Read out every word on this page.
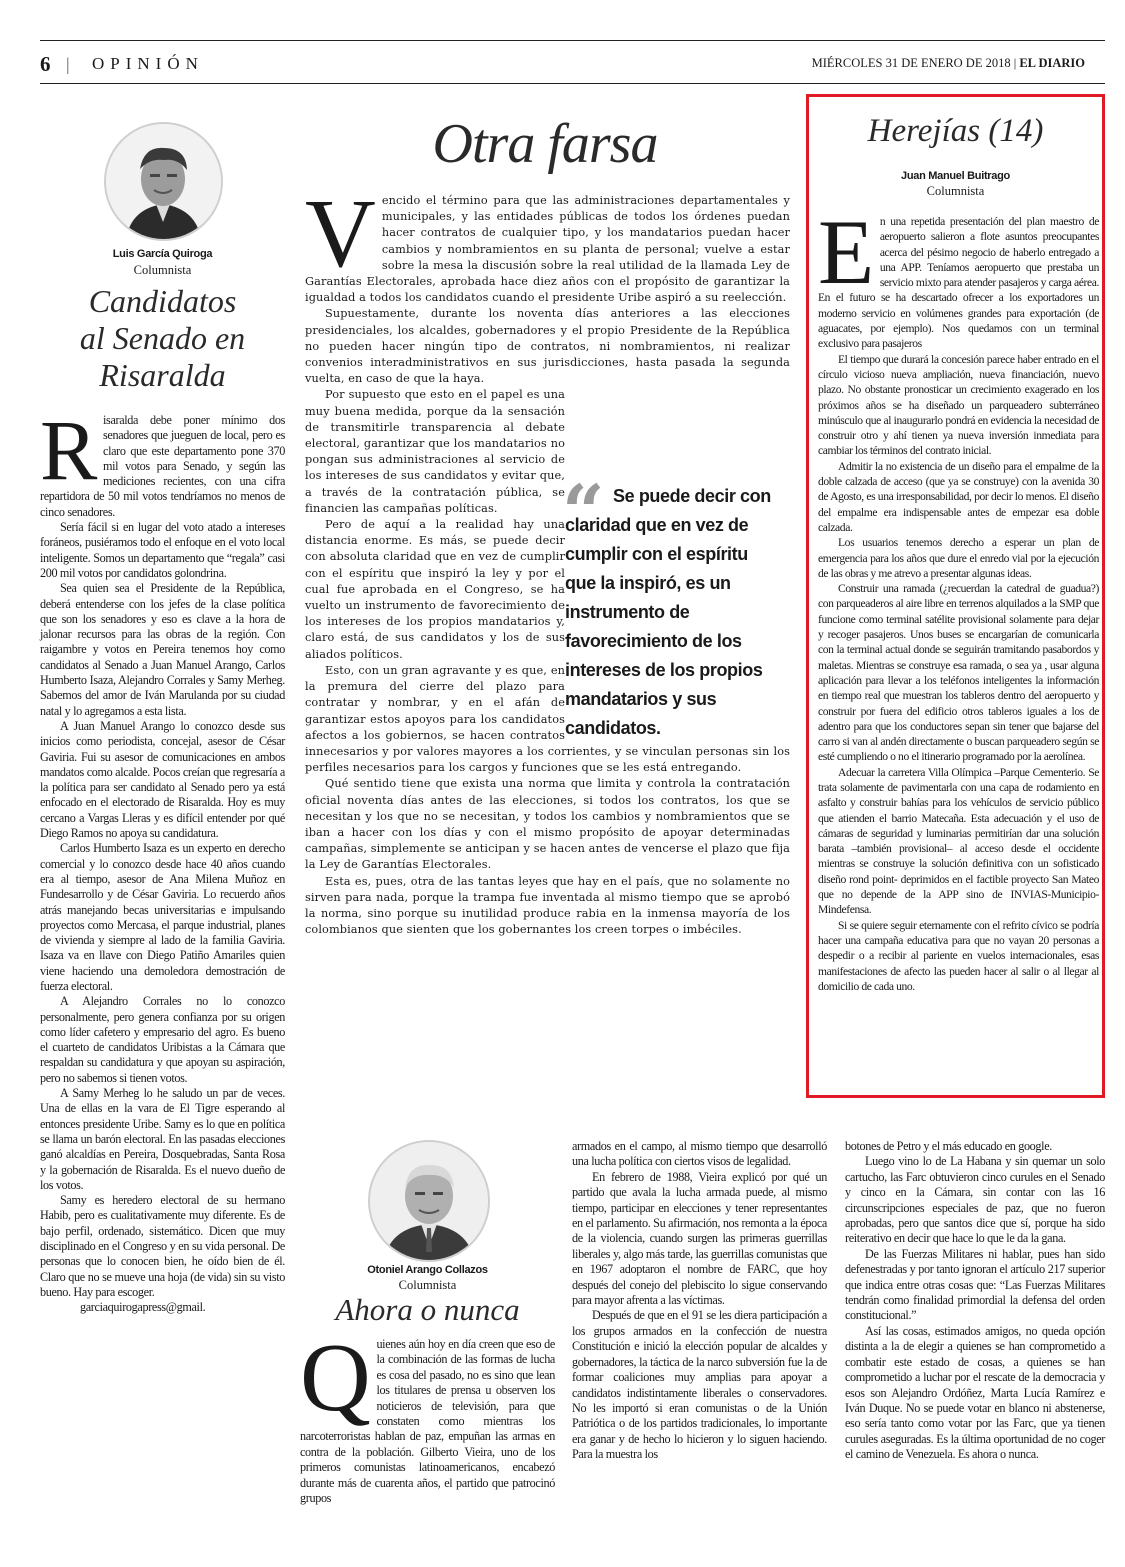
6 | OPINIÓN	MIÉRCOLES 31 DE ENERO DE 2018 | EL DIARIO
Luis García Quiroga
Columnista
Candidatos
al Senado en
Risaralda

Risaralda debe poner mínimo dos senadores que jueguen de local, pero es claro que este departamento pone 370 mil votos para Senado, y según las mediciones recientes, con una cifra repartidora de 50 mil votos tendríamos no menos de cinco senadores.

Sería fácil si en lugar del voto atado a intereses foráneos, pusiéramos todo el enfoque en el voto local inteligente. Somos un departamento que “regala” casi 200 mil votos por candidatos golondrina.

Sea quien sea el Presidente de la República, deberá entenderse con los jefes de la clase política que son los senadores y eso es clave a la hora de jalonar recursos para las obras de la región. Con raigambre y votos en Pereira tenemos hoy como candidatos al Senado a Juan Manuel Arango, Carlos Humberto Isaza, Alejandro Corrales y Samy Merheg. Sabemos del amor de Iván Marulanda por su ciudad natal y lo agregamos a esta lista.

A Juan Manuel Arango lo conozco desde sus inicios como periodista, concejal, asesor de César Gaviria. Fui su asesor de comunicaciones en ambos mandatos como alcalde. Pocos creían que regresaría a la política para ser candidato al Senado pero ya está enfocado en el electorado de Risaralda. Hoy es muy cercano a Vargas Lleras y es difícil entender por qué Diego Ramos no apoya su candidatura.

Carlos Humberto Isaza es un experto en derecho comercial y lo conozco desde hace 40 años cuando era al tiempo, asesor de Ana Milena Muñoz en Fundesarrollo y de César Gaviria. Lo recuerdo años atrás manejando becas universitarias e impulsando proyectos como Mercasa, el parque industrial, planes de vivienda y siempre al lado de la familia Gaviria. Isaza va en llave con Diego Patiño Amariles quien viene haciendo una demoledora demostración de fuerza electoral.

A Alejandro Corrales no lo conozco personalmente, pero genera confianza por su origen como líder cafetero y empresario del agro. Es bueno el cuarteto de candidatos Uribistas a la Cámara que respaldan su candidatura y que apoyan su aspiración, pero no sabemos si tienen votos.

A Samy Merheg lo he saludo un par de veces. Una de ellas en la vara de El Tigre esperando al entonces presidente Uribe. Samy es lo que en política se llama un barón electoral. En las pasadas elecciones ganó alcaldías en Pereira, Dosquebradas, Santa Rosa y la gobernación de Risaralda. Es el nuevo dueño de los votos.

Samy es heredero electoral de su hermano Habib, pero es cualitativamente muy diferente. Es de bajo perfil, ordenado, sistemático. Dicen que muy disciplinado en el Congreso y en su vida personal. De personas que lo conocen bien, he oído bien de él. Claro que no se mueve una hoja (de vida) sin su visto bueno. Hay para escoger.

garciaquirogapress@gmail.

Otra farsa

Vencido el término para que las administraciones departamentales y municipales, y las entidades públicas de todos los órdenes puedan hacer contratos de cualquier tipo, y los mandatarios puedan hacer cambios y nombramientos en su planta de personal; vuelve a estar sobre la mesa la discusión sobre la real utilidad de la llamada Ley de Garantías Electorales, aprobada hace diez años con el propósito de garantizar la igualdad a todos los candidatos cuando el presidente Uribe aspiró a su reelección.

Supuestamente, durante los noventa días anteriores a las elecciones presidenciales, los alcaldes, gobernadores y el propio Presidente de la República no pueden hacer ningún tipo de contratos, ni nombramientos, ni realizar convenios interadministrativos en sus jurisdicciones, hasta pasada la segunda vuelta, en caso de que la haya.

Por supuesto que esto en el papel es una muy buena medida, porque da la sensación de transmitirle transparencia al debate electoral, garantizar que los mandatarios no pongan sus administraciones al servicio de los intereses de sus candidatos y evitar que, a través de la contratación pública, se financien las campañas políticas.

Pero de aquí a la realidad hay una distancia enorme. Es más, se puede decir con absoluta claridad que en vez de cumplir con el espíritu que inspiró la ley y por el cual fue aprobada en el Congreso, se ha vuelto un instrumento de favorecimiento de los intereses de los propios mandatarios y, claro está, de sus candidatos y los de sus aliados políticos.

Esto, con un gran agravante y es que, en la premura del cierre del plazo para contratar y nombrar, y en el afán de garantizar estos apoyos para los candidatos afectos a los gobiernos, se hacen contratos innecesarios y por valores mayores a los corrientes, y se vinculan personas sin los perfiles necesarios para los cargos y funciones que se les está entregando.

Qué sentido tiene que exista una norma que limita y controla la contratación oficial noventa días antes de las elecciones, si todos los contratos, los que se necesitan y los que no se necesitan, y todos los cambios y nombramientos que se iban a hacer con los días y con el mismo propósito de apoyar determinadas campañas, simplemente se anticipan y se hacen antes de vencerse el plazo que fija la Ley de Garantías Electorales.

Esta es, pues, otra de las tantas leyes que hay en el país, que no solamente no sirven para nada, porque la trampa fue inventada al mismo tiempo que se aprobó la norma, sino porque su inutilidad produce rabia en la inmensa mayoría de los colombianos que sienten que los gobernantes los creen torpes o imbéciles.

“ Se puede decir con claridad que en vez de cumplir con el espíritu que la inspiró, es un instrumento de favorecimiento de los intereses de los propios mandatarios y sus candidatos.
Herejías (14)
Juan Manuel Buitrago
Columnista

En una repetida presentación del plan maestro de aeropuerto salieron a flote asuntos preocupantes acerca del pésimo negocio de haberlo entregado a una APP. Teníamos aeropuerto que prestaba un servicio mixto para atender pasajeros y carga aérea. En el futuro se ha descartado ofrecer a los exportadores un moderno servicio en volúmenes grandes para exportación (de aguacates, por ejemplo). Nos quedamos con un terminal exclusivo para pasajeros

El tiempo que durará la concesión parece haber entrado en el círculo vicioso nueva ampliación, nueva financiación, nuevo plazo. No obstante pronosticar un crecimiento exagerado en los próximos años se ha diseñado un parqueadero subterráneo minúsculo que al inaugurarlo pondrá en evidencia la necesidad de construir otro y ahí tienen ya nueva inversión inmediata para cambiar los términos del contrato inicial.

Admitir la no existencia de un diseño para el empalme de la doble calzada de acceso (que ya se construye) con la avenida 30 de Agosto, es una irresponsabilidad, por decir lo menos. El diseño del empalme era indispensable antes de empezar esa doble calzada.

Los usuarios tenemos derecho a esperar un plan de emergencia para los años que dure el enredo vial por la ejecución de las obras y me atrevo a presentar algunas ideas.

Construir una ramada (¿recuerdan la catedral de guadua?) con parqueaderos al aire libre en terrenos alquilados a la SMP que funcione como terminal satélite provisional solamente para dejar y recoger pasajeros. Unos buses se encargarían de comunicarla con la terminal actual donde se seguirán tramitando pasabordos y maletas. Mientras se construye esa ramada, o sea ya , usar alguna aplicación para llevar a los teléfonos inteligentes la información en tiempo real que muestran los tableros dentro del aeropuerto y construir por fuera del edificio otros tableros iguales a los de adentro para que los conductores sepan sin tener que bajarse del carro si van al andén directamente o buscan parqueadero según se esté cumpliendo o no el itinerario programado por la aerolínea.

Adecuar la carretera Villa Olímpica –Parque Cementerio. Se trata solamente de pavimentarla con una capa de rodamiento en asfalto y construir bahías para los vehículos de servicio público que atienden el barrio Matecaña. Esta adecuación y el uso de cámaras de seguridad y luminarias permitirían dar una solución barata –también provisional– al acceso desde el occidente mientras se construye la solución definitiva con un sofisticado diseño rond point- deprimidos en el factible proyecto San Mateo que no depende de la APP sino de INVIAS-Municipio-Mindefensa.

Si se quiere seguir eternamente con el refrito cívico se podría hacer una campaña educativa para que no vayan 20 personas a despedir o a recibir al pariente en vuelos internacionales, esas manifestaciones de afecto las pueden hacer al salir o al llegar al domicilio de cada uno.

Otoniel Arango Collazos
Columnista
Ahora o nunca

Quienes aún hoy en día creen que eso de la combinación de las formas de lucha es cosa del pasado, no es sino que lean los titulares de prensa u observen los noticieros de televisión, para que constaten como mientras los narcoterroristas hablan de paz, empuñan las armas en contra de la población. Gilberto Vieira, uno de los primeros comunistas latinoamericanos, encabezó durante más de cuarenta años, el partido que patrocinó grupos

armados en el campo, al mismo tiempo que desarrolló una lucha política con ciertos visos de legalidad.

En febrero de 1988, Vieira explicó por qué un partido que avala la lucha armada puede, al mismo tiempo, participar en elecciones y tener representantes en el parlamento. Su afirmación, nos remonta a la época de la violencia, cuando surgen las primeras guerrillas liberales y, algo más tarde, las guerrillas comunistas que en 1967 adoptaron el nombre de FARC, que hoy después del conejo del plebiscito lo sigue conservando para mayor afrenta a las víctimas.

Después de que en el 91 se les diera participación a los grupos armados en la confección de nuestra Constitución e inició la elección popular de alcaldes y gobernadores, la táctica de la narco subversión fue la de formar coaliciones muy amplias para apoyar a candidatos indistintamente liberales o conservadores. No les importó si eran comunistas o de la Unión Patriótica o de los partidos tradicionales, lo importante era ganar y de hecho lo hicieron y lo siguen haciendo. Para la muestra los

botones de Petro y el más educado en google.

Luego vino lo de La Habana y sin quemar un solo cartucho, las Farc obtuvieron cinco curules en el Senado y cinco en la Cámara, sin contar con las 16 circunscripciones especiales de paz, que no fueron aprobadas, pero que santos dice que sí, porque ha sido reiterativo en decir que hace lo que le da la gana.

De las Fuerzas Militares ni hablar, pues han sido defenestradas y por tanto ignoran el artículo 217 superior que indica entre otras cosas que: “Las Fuerzas Militares tendrán como finalidad primordial la defensa del orden constitucional.”

Así las cosas, estimados amigos, no queda opción distinta a la de elegir a quienes se han comprometido a combatir este estado de cosas, a quienes se han comprometido a luchar por el rescate de la democracia y esos son Alejandro Ordóñez, Marta Lucía Ramírez e Iván Duque. No se puede votar en blanco ni abstenerse, eso sería tanto como votar por las Farc, que ya tienen curules aseguradas. Es la última oportunidad de no coger el camino de Venezuela. Es ahora o nunca.
